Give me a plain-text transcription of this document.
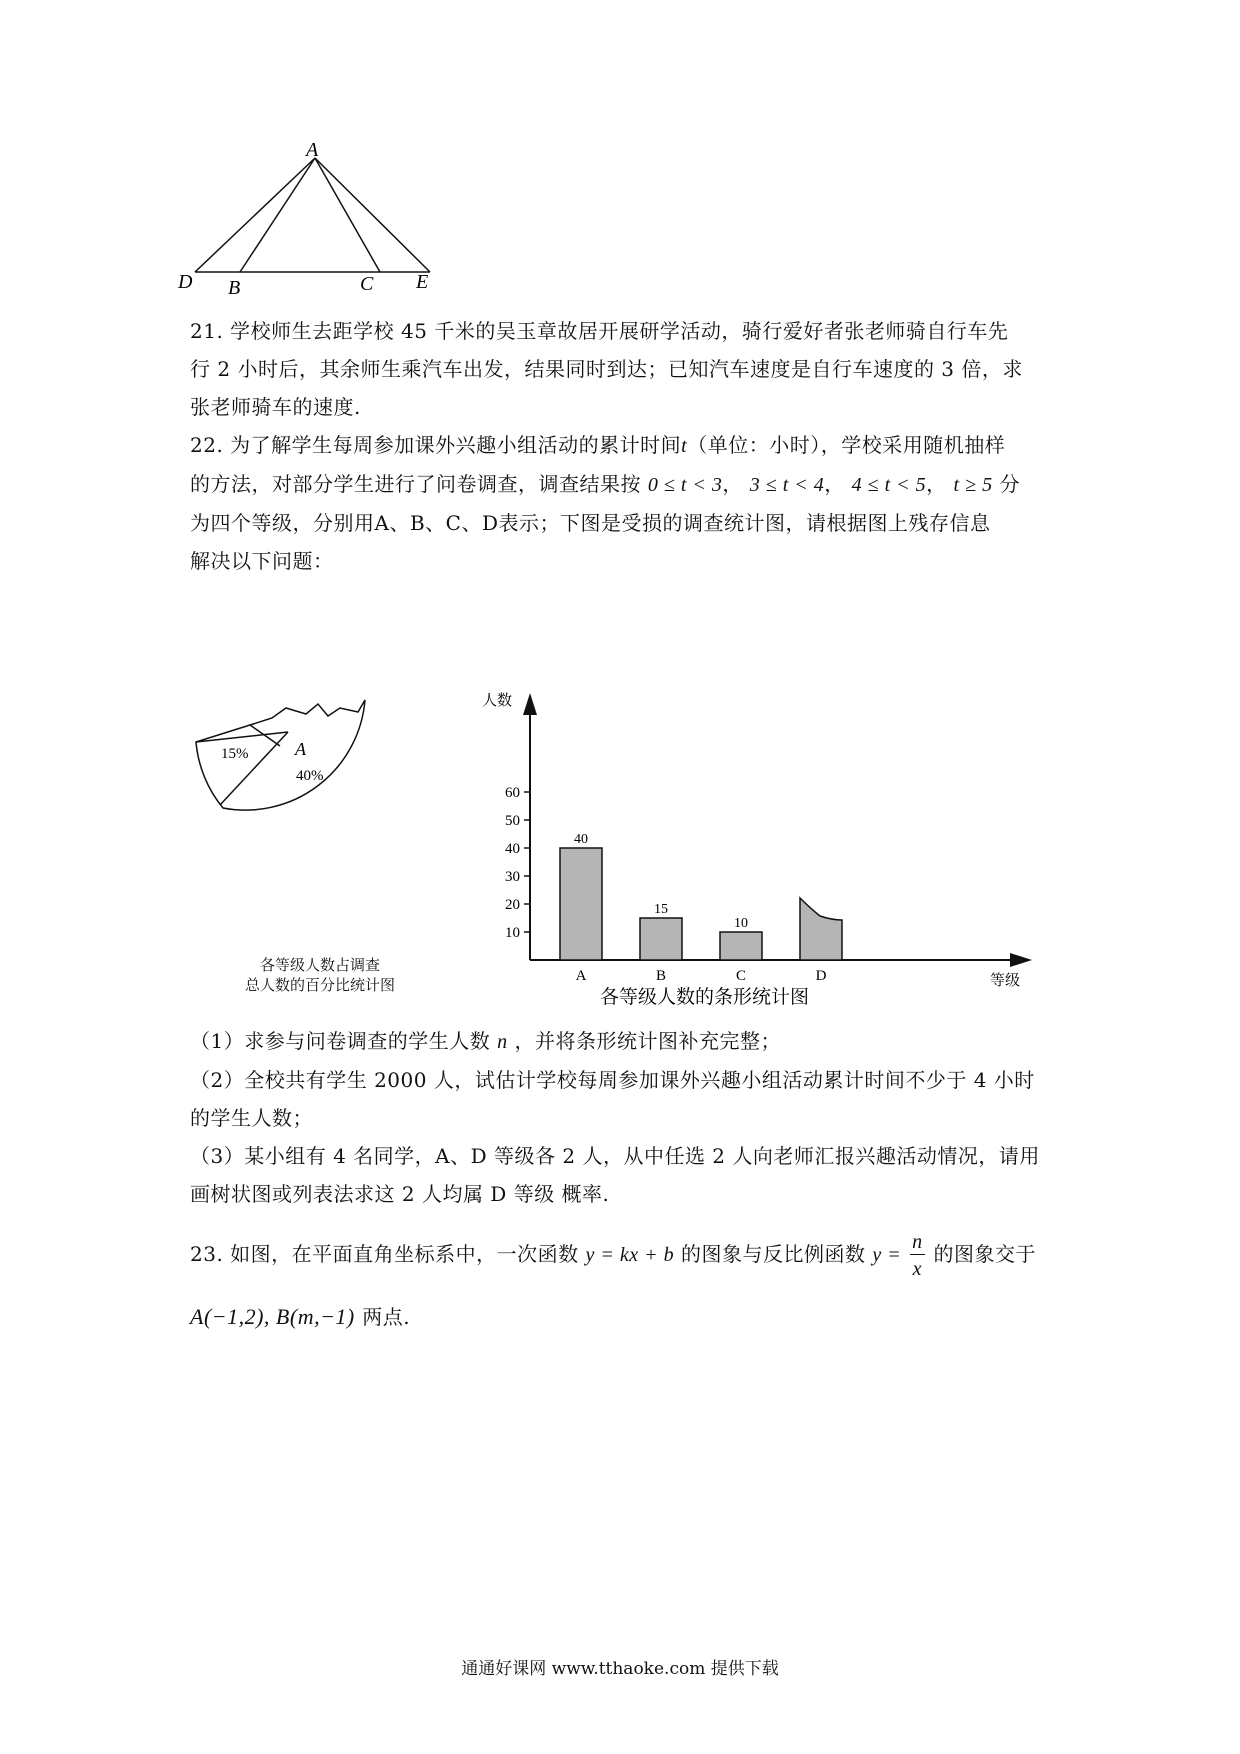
A
D B	C E

21. 学校师生去距学校 45 千米的吴玉章故居开展研学活动，骑行爱好者张老师骑自行车先

行 2 小时后，其余师生乘汽车出发，结果同时到达；已知汽车速度是自行车速度的 3 倍，求

张老师骑车的速度.

22. 为了解学生每周参加课外兴趣小组活动的累计时间t（单位：小时），学校采用随机抽样

的方法，对部分学生进行了问卷调查，调查结果按 0 ≤ t < 3， 3 ≤ t < 4， 4 ≤ t < 5， t ≥ 5 分

为四个等级，分别用A、B、C、D表示；下图是受损的调查统计图，请根据图上残存信息

解决以下问题：

15%	A
40%
各等级人数占调查
总人数的百分比统计图
人数
等级
各等级人数的条形统计图
10
20
30
40
50
60
40
A
15
B
10
C	D

（1）求参与问卷调查的学生人数 n ，并将条形统计图补充完整；

（2）全校共有学生 2000 人，试估计学校每周参加课外兴趣小组活动累计时间不少于 4 小时

的学生人数；

（3）某小组有 4 名同学，A、D 等级各 2 人，从中任选 2 人向老师汇报兴趣活动情况，请用

画树状图或列表法求这 2 人均属 D 等级 概率.

23. 如图，在平面直角坐标系中，一次函数 y = kx + b 的图象与反比例函数 $y = \frac{n}{x}$ 的图象交于

A(−1,2), B(m,−1) 两点.

通通好课网 www.tthaoke.com 提供下载
